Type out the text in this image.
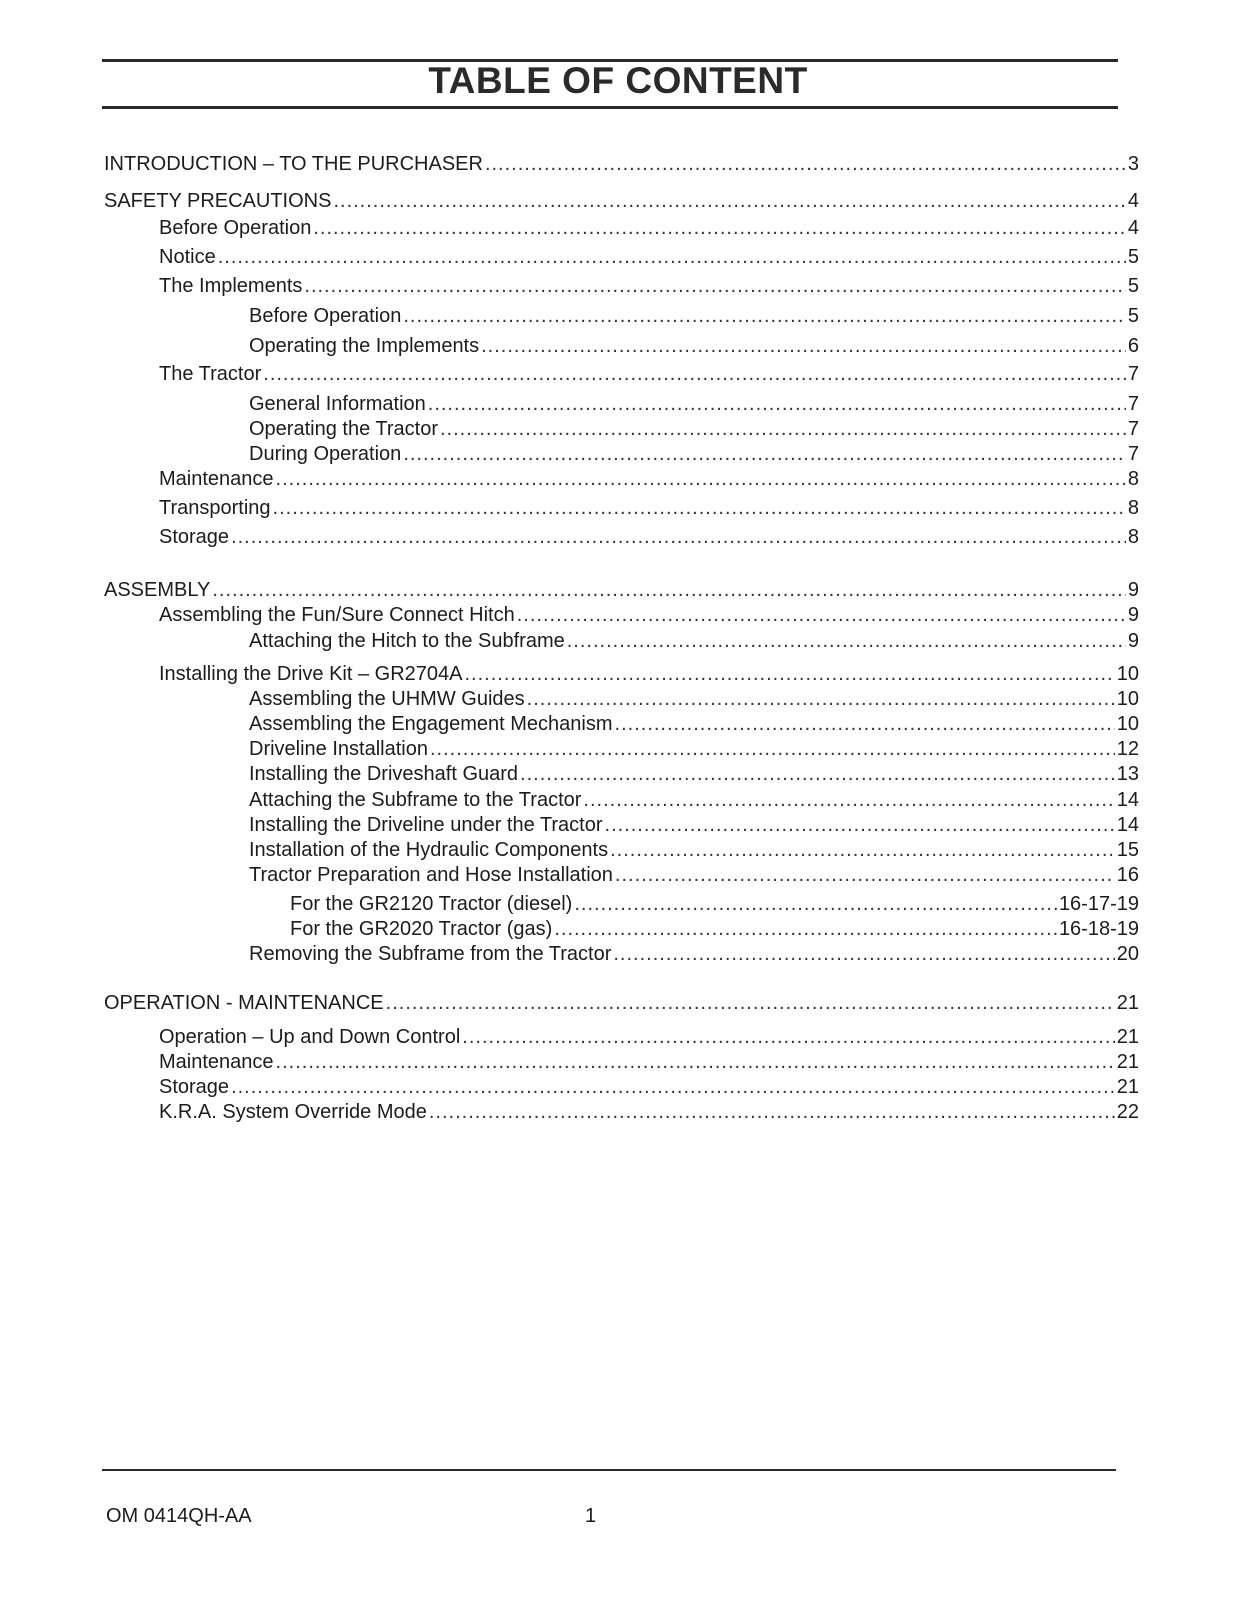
TABLE OF CONTENT
INTRODUCTION – TO THE PURCHASER .....	3
SAFETY PRECAUTIONS .....	4
Before Operation .....	4
Notice .....	5
The Implements .....	5
Before Operation .....	5
Operating the Implements .....	6
The Tractor .....	7
General Information .....	7
Operating the Tractor .....	7
During Operation .....	7
Maintenance .....	8
Transporting .....	8
Storage .....	8
ASSEMBLY .....	9
Assembling the Fun/Sure Connect Hitch .....	9
Attaching the Hitch to the Subframe .....	9
Installing the Drive Kit – GR2704A .....	10
Assembling the UHMW Guides .....	10
Assembling the Engagement Mechanism .....	10
Driveline Installation .....	12
Installing the Driveshaft Guard .....	13
Attaching the Subframe to the Tractor .....	14
Installing the Driveline under the Tractor .....	14
Installation of the Hydraulic Components .....	15
Tractor Preparation and Hose Installation .....	16
For the GR2120 Tractor (diesel) .....	16-17-19
For the GR2020 Tractor (gas) .....	16-18-19
Removing the Subframe from the Tractor .....	20
OPERATION - MAINTENANCE .....	21
Operation – Up and Down Control .....	21
Maintenance .....	21
Storage .....	21
K.R.A. System Override Mode .....	22
OM 0414QH-AA	1
